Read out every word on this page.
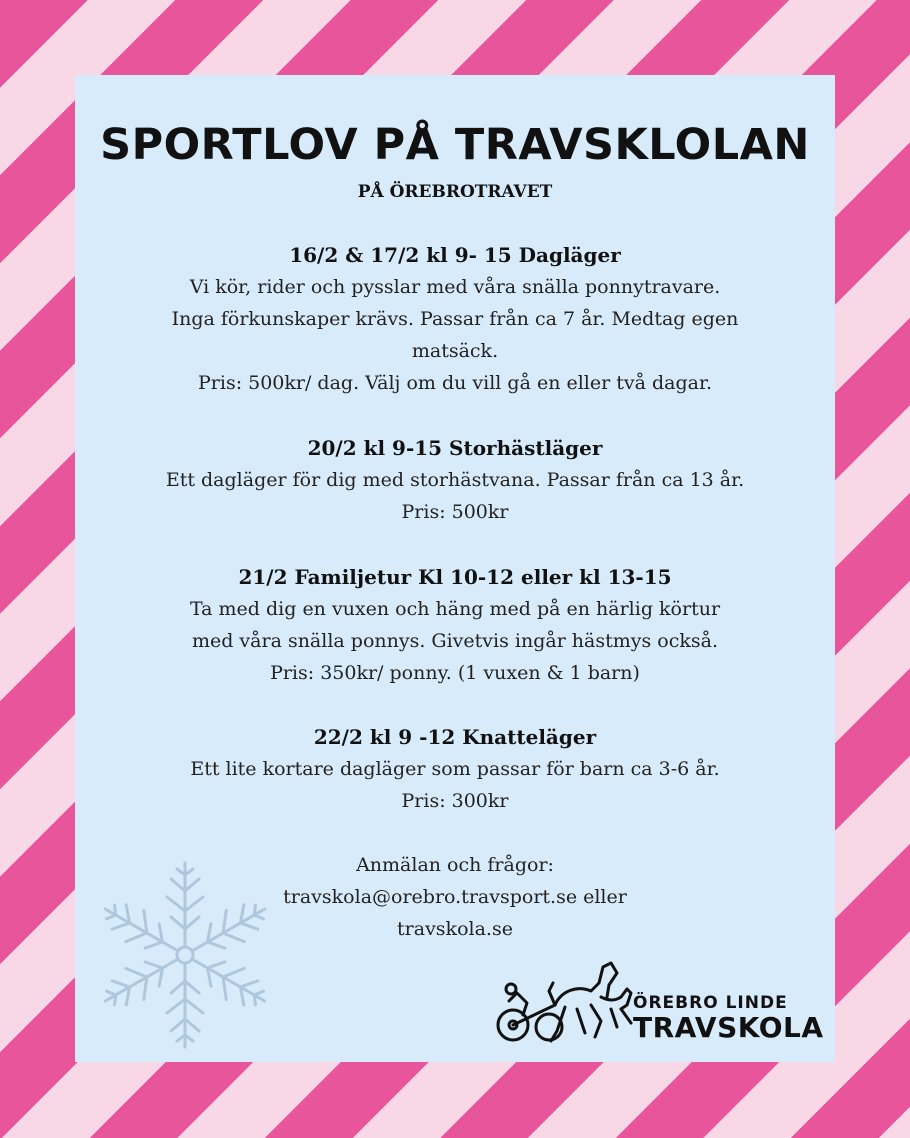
SPORTLOV PÅ TRAVSKLOLAN
PÅ ÖREBROTRAVET
16/2 & 17/2 kl 9- 15 Dagläger

Vi kör, rider och pysslar med våra snälla ponnytravare.

Inga förkunskaper krävs. Passar från ca 7 år. Medtag egen

matsäck.

Pris: 500kr/ dag. Välj om du vill gå en eller två dagar.

20/2 kl 9-15 Storhästläger

Ett dagläger för dig med storhästvana. Passar från ca 13 år.

Pris: 500kr

21/2 Familjetur Kl 10-12 eller kl 13-15

Ta med dig en vuxen och häng med på en härlig körtur

med våra snälla ponnys. Givetvis ingår hästmys också.

Pris: 350kr/ ponny. (1 vuxen & 1 barn)

22/2 kl 9 -12 Knatteläger

Ett lite kortare dagläger som passar för barn ca 3-6 år.

Pris: 300kr

Anmälan och frågor:

travskola@orebro.travsport.se eller

travskola.se

ÖREBRO LINDE
TRAVSKOLA
